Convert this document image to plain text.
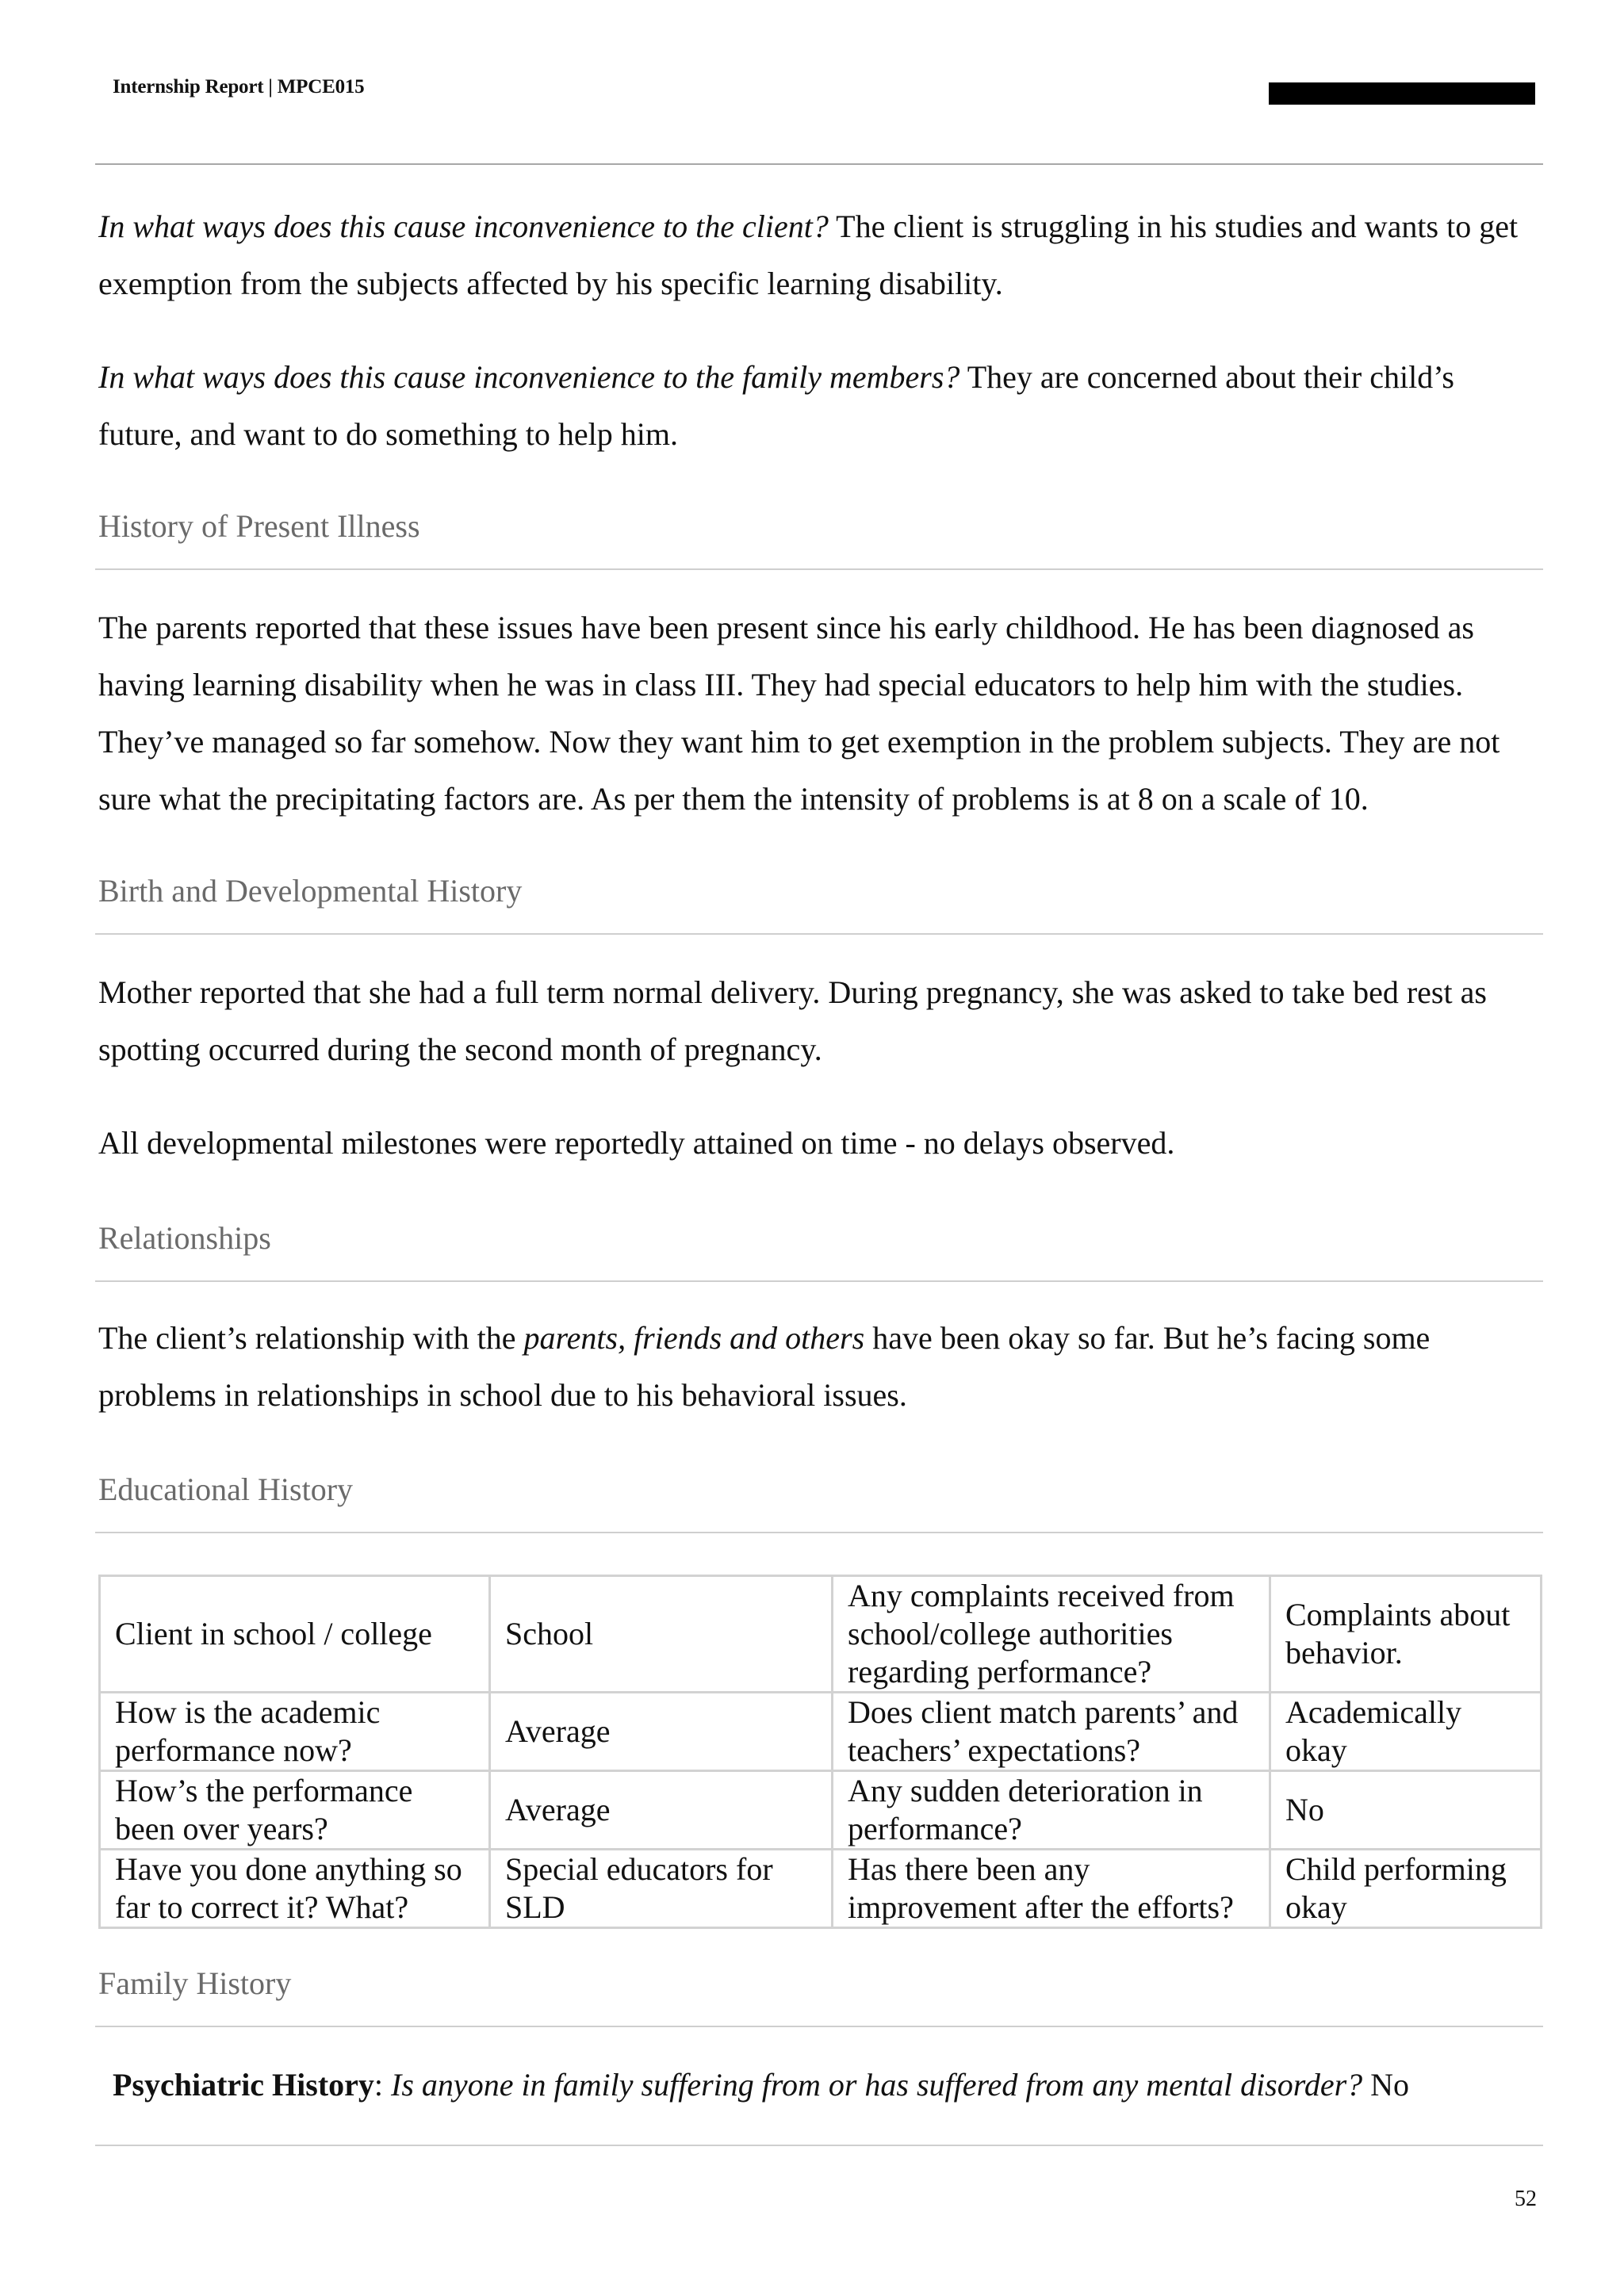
Internship Report | MPCE015

In what ways does this cause inconvenience to the client? The client is struggling in his studies and wants to get exemption from the subjects affected by his specific learning disability.

In what ways does this cause inconvenience to the family members? They are concerned about their child’s future, and want to do something to help him.

History of Present Illness

The parents reported that these issues have been present since his early childhood. He has been diagnosed as having learning disability when he was in class III. They had special educators to help him with the studies. They’ve managed so far somehow. Now they want him to get exemption in the problem subjects. They are not sure what the precipitating factors are. As per them the intensity of problems is at 8 on a scale of 10.

Birth and Developmental History

Mother reported that she had a full term normal delivery. During pregnancy, she was asked to take bed rest as spotting occurred during the second month of pregnancy.

All developmental milestones were reportedly attained on time - no delays observed.

Relationships

The client’s relationship with the parents, friends and others have been okay so far. But he’s facing some problems in relationships in school due to his behavioral issues.

Educational History
Client in school / college	School	Any complaints received from school/college authorities regarding performance?	Complaints about behavior.
How is the academic performance now?	Average	Does client match parents’ and teachers’ expectations?	Academically okay
How’s the performance been over years?	Average	Any sudden deterioration in performance?	No
Have you done anything so far to correct it? What?	Special educators for SLD	Has there been any improvement after the efforts?	Child performing okay
Family History

Psychiatric History: Is anyone in family suffering from or has suffered from any mental disorder? No

52
